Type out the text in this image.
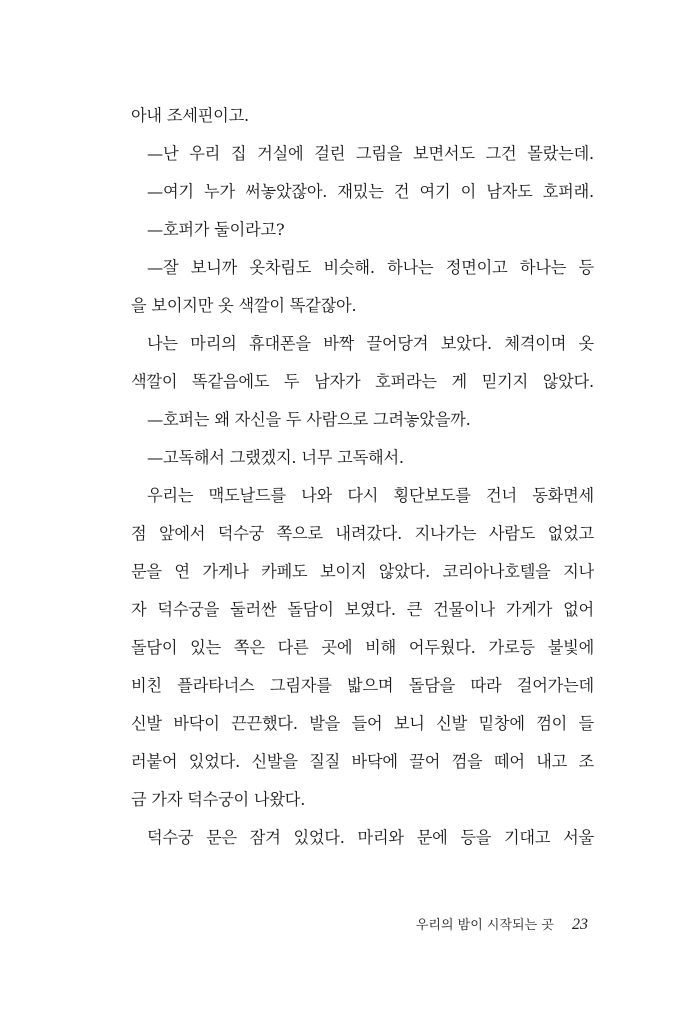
아내 조세핀이고.
—난 우리 집 거실에 걸린 그림을 보면서도 그건 몰랐는데.
—여기 누가 써놓았잖아. 재밌는 건 여기 이 남자도 호퍼래.
—호퍼가 둘이라고?
—잘 보니까 옷차림도 비슷해. 하나는 정면이고 하나는 등
을 보이지만 옷 색깔이 똑같잖아.
나는 마리의 휴대폰을 바짝 끌어당겨 보았다. 체격이며 옷
색깔이 똑같음에도 두 남자가 호퍼라는 게 믿기지 않았다.
—호퍼는 왜 자신을 두 사람으로 그려놓았을까.
—고독해서 그랬겠지. 너무 고독해서.
우리는 맥도날드를 나와 다시 횡단보도를 건너 동화면세
점 앞에서 덕수궁 쪽으로 내려갔다. 지나가는 사람도 없었고
문을 연 가게나 카페도 보이지 않았다. 코리아나호텔을 지나
자 덕수궁을 둘러싼 돌담이 보였다. 큰 건물이나 가게가 없어
돌담이 있는 쪽은 다른 곳에 비해 어두웠다. 가로등 불빛에
비친 플라타너스 그림자를 밟으며 돌담을 따라 걸어가는데
신발 바닥이 끈끈했다. 발을 들어 보니 신발 밑창에 껌이 들
러붙어 있었다. 신발을 질질 바닥에 끌어 껌을 떼어 내고 조
금 가자 덕수궁이 나왔다.
덕수궁 문은 잠겨 있었다. 마리와 문에 등을 기대고 서울
우리의 밤이 시작되는 곳 23
